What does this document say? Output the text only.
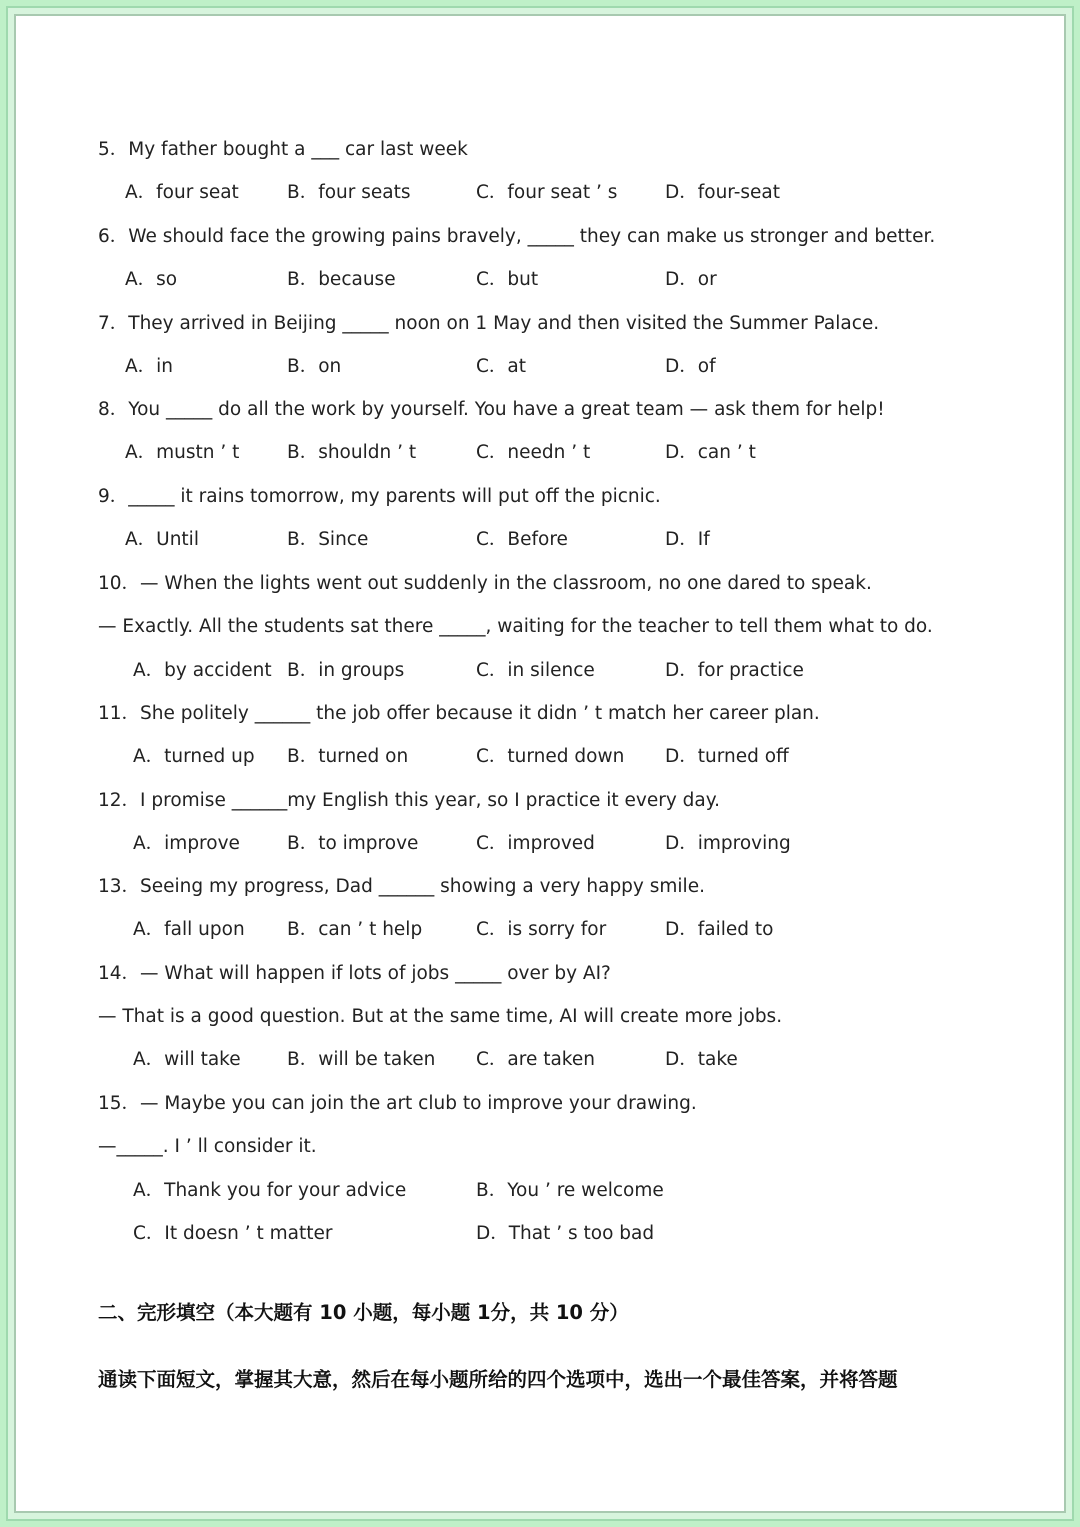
5．My father bought a ___ car last week
A．four seat	B．four seats	C．four seat ’ s	D．four-seat
6．We should face the growing pains bravely, _____ they can make us stronger and better.
A．so	B．because	C．but	D．or
7．They arrived in Beijing _____ noon on 1 May and then visited the Summer Palace.
A．in	B．on	C．at	D．of
8．You _____ do all the work by yourself. You have a great team — ask them for help!
A．mustn ’ t	B．shouldn ’ t	C．needn ’ t	D．can ’ t
9．_____ it rains tomorrow, my parents will put off the picnic.
A．Until	B．Since	C．Before	D．If
10．— When the lights went out suddenly in the classroom, no one dared to speak.
— Exactly. All the students sat there _____, waiting for the teacher to tell them what to do.
A．by accident B．in groups	C．in silence	D．for practice
11．She politely ______ the job offer because it didn ’ t match her career plan.
A．turned up B．turned on	C．turned down D．turned off
12．I promise ______my English this year, so I practice it every day.
A．improve	B．to improve	C．improved	D．improving
13．Seeing my progress, Dad ______ showing a very happy smile.
A．fall upon B．can ’ t help	C．is sorry for	D．failed to
14．— What will happen if lots of jobs _____ over by AI?
— That is a good question. But at the same time, AI will create more jobs.
A．will take	B．will be taken C．are taken	D．take
15．— Maybe you can join the art club to improve your drawing.
—_____. I ’ ll consider it.
A．Thank you for your advice	B．You ’ re welcome
C．It doesn ’ t matter	D．That ’ s too bad
二、完形填空（本大题有 10 小题，每小题 1分，共 10 分）
通读下面短文，掌握其大意，然后在每小题所给的四个选项中，选出一个最佳答案，并将答题
